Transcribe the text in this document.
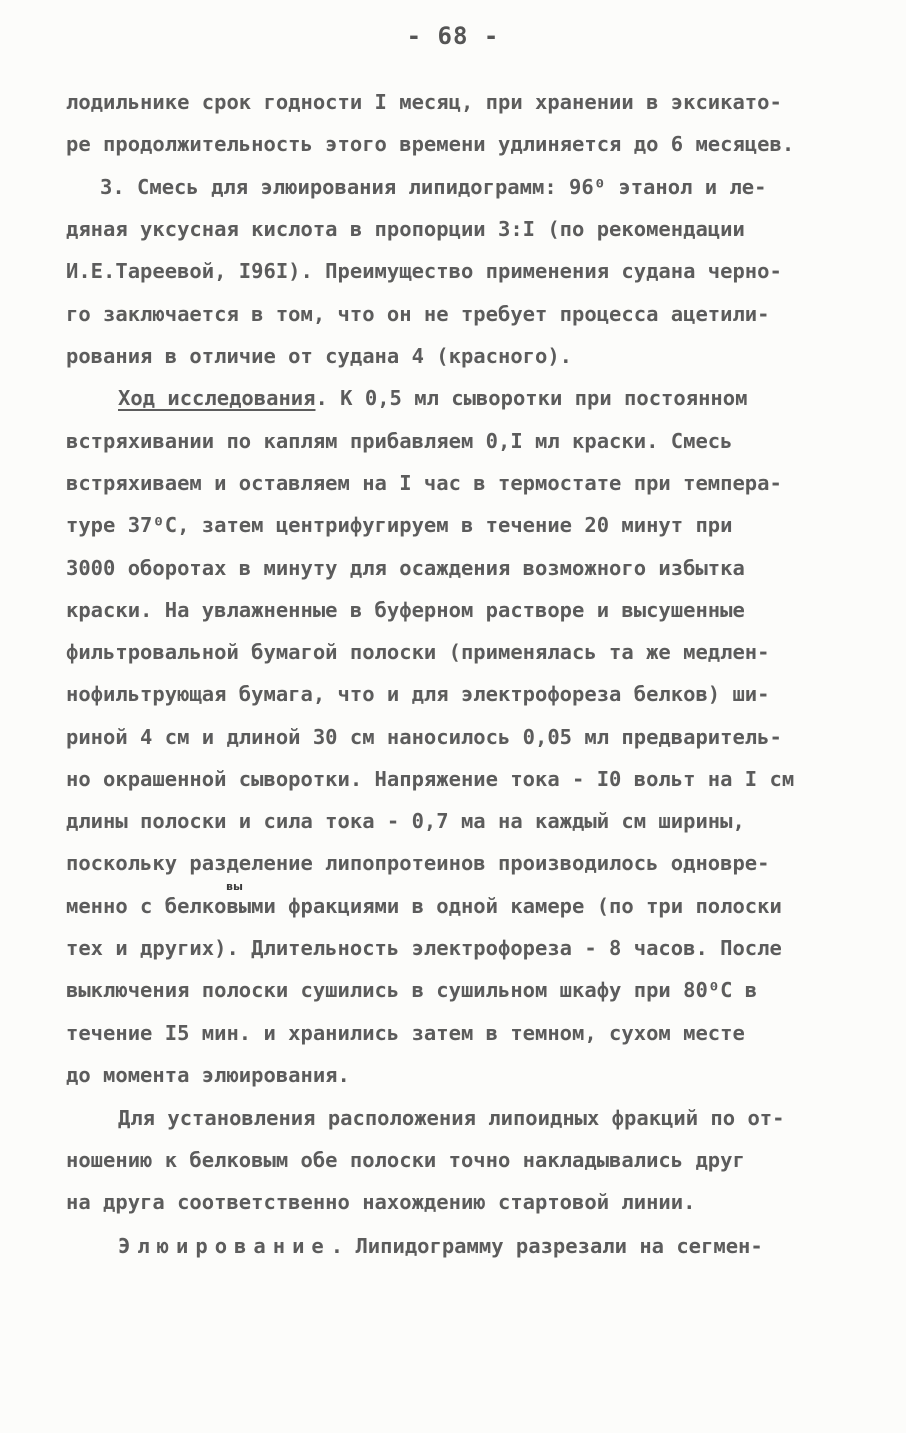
- 68 -
лодильнике срок годности I месяц, при хранении в эксикато-
ре продолжительность этого времени удлиняется до 6 месяцев.
3. Смесь для элюирования липидограмм: 96⁰ этанол и ле-
дяная уксусная кислота в пропорции 3:I (по рекомендации
И.Е.Тареевой, I96I). Преимущество применения судана черно-
го заключается в том, что он не требует процесса ацетили-
рования в отличие от судана 4 (красного).
Ход исследования. К 0,5 мл сыворотки при постоянном
встряхивании по каплям прибавляем 0,I мл краски. Смесь
встряхиваем и оставляем на I час в термостате при темпера-
туре 37⁰С, затем центрифугируем в течение 20 минут при
3000 оборотах в минуту для осаждения возможного избытка
краски. На увлажненные в буферном растворе и высушенные
фильтровальной бумагой полоски (применялась та же медлен-
нофильтрующая бумага, что и для электрофореза белков) ши-
риной 4 см и длиной 30 см наносилось 0,05 мл предваритель-
но окрашенной сыворотки. Напряжение тока - I0 вольт на I см
длины полоски и сила тока - 0,7 ма на каждый см ширины,
поскольку разделение липопротеинов производилось одновре-
вы
менно с белковыми фракциями в одной камере (по три полоски
тех и других). Длительность электрофореза - 8 часов. После
выключения полоски сушились в сушильном шкафу при 80⁰С в
течение I5 мин. и хранились затем в темном, сухом месте
до момента элюирования.
Для установления расположения липоидных фракций по от-
ношению к белковым обе полоски точно накладывались друг
на друга соответственно нахождению стартовой линии.
Элюирование. Липидограмму разрезали на сегмен-
